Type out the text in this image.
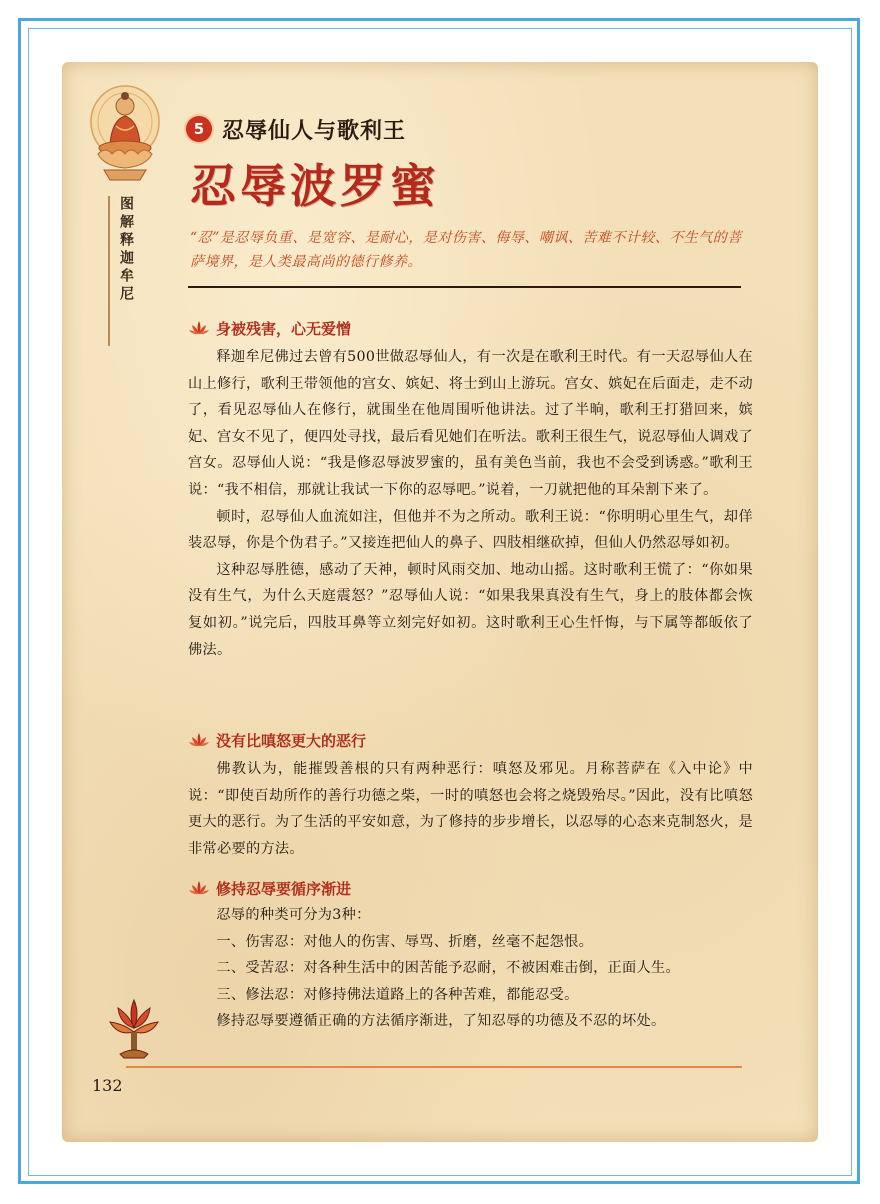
图解释迦牟尼
5 忍辱仙人与歌利王
忍辱波罗蜜
“忍”是忍辱负重、是宽容、是耐心，是对伤害、侮辱、嘲讽、苦难不计较、不生气的菩萨境界，是人类最高尚的德行修养。
身被残害，心无爱憎

释迦牟尼佛过去曾有500世做忍辱仙人，有一次是在歌利王时代。有一天忍辱仙人在山上修行，歌利王带领他的宫女、嫔妃、将士到山上游玩。宫女、嫔妃在后面走，走不动了，看见忍辱仙人在修行，就围坐在他周围听他讲法。过了半晌，歌利王打猎回来，嫔妃、宫女不见了，便四处寻找，最后看见她们在听法。歌利王很生气，说忍辱仙人调戏了宫女。忍辱仙人说：“我是修忍辱波罗蜜的，虽有美色当前，我也不会受到诱惑。”歌利王说：“我不相信，那就让我试一下你的忍辱吧。”说着，一刀就把他的耳朵割下来了。

顿时，忍辱仙人血流如注，但他并不为之所动。歌利王说：“你明明心里生气，却佯装忍辱，你是个伪君子。”又接连把仙人的鼻子、四肢相继砍掉，但仙人仍然忍辱如初。

这种忍辱胜德，感动了天神，顿时风雨交加、地动山摇。这时歌利王慌了：“你如果没有生气，为什么天庭震怒？”忍辱仙人说：“如果我果真没有生气，身上的肢体都会恢复如初。”说完后，四肢耳鼻等立刻完好如初。这时歌利王心生忏悔，与下属等都皈依了佛法。

没有比嗔怒更大的恶行

佛教认为，能摧毁善根的只有两种恶行：嗔怒及邪见。月称菩萨在《入中论》中说：“即使百劫所作的善行功德之柴，一时的嗔怒也会将之烧毁殆尽。”因此，没有比嗔怒更大的恶行。为了生活的平安如意，为了修持的步步增长，以忍辱的心态来克制怒火，是非常必要的方法。

修持忍辱要循序渐进

忍辱的种类可分为3种：

一、伤害忍：对他人的伤害、辱骂、折磨，丝毫不起怨恨。

二、受苦忍：对各种生活中的困苦能予忍耐，不被困难击倒，正面人生。

三、修法忍：对修持佛法道路上的各种苦难，都能忍受。

修持忍辱要遵循正确的方法循序渐进，了知忍辱的功德及不忍的坏处。

132
